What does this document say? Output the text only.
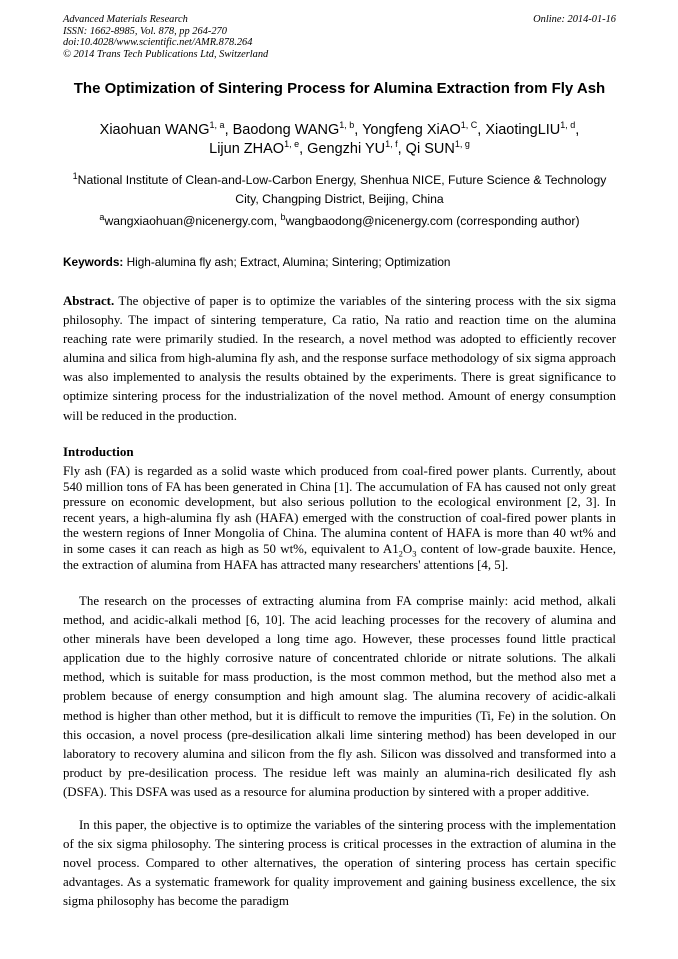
Advanced Materials Research
ISSN: 1662-8985, Vol. 878, pp 264-270
doi:10.4028/www.scientific.net/AMR.878.264
© 2014 Trans Tech Publications Ltd, Switzerland
Online: 2014-01-16
The Optimization of Sintering Process for Alumina Extraction from Fly Ash
Xiaohuan WANG$^{1, a}$, Baodong WANG$^{1, b}$, Yongfeng XiAO$^{1, C}$, XiaotingLIU$^{1, d}$,
Lijun ZHAO$^{1, e}$, Gengzhi YU$^{1, f}$, Qi SUN$^{1, g}$
$^1$National Institute of Clean-and-Low-Carbon Energy, Shenhua NICE, Future Science & Technology City, Changping District, Beijing, China
$^a$wangxiaohuan@nicenergy.com, $^b$wangbaodong@nicenergy.com (corresponding author)
Keywords: High-alumina fly ash; Extract, Alumina; Sintering; Optimization
Abstract. The objective of paper is to optimize the variables of the sintering process with the six sigma philosophy. The impact of sintering temperature, Ca ratio, Na ratio and reaction time on the alumina reaching rate were primarily studied. In the research, a novel method was adopted to efficiently recover alumina and silica from high-alumina fly ash, and the response surface methodology of six sigma approach was also implemented to analysis the results obtained by the experiments. There is great significance to optimize sintering process for the industrialization of the novel method. Amount of energy consumption will be reduced in the production.
Introduction
Fly ash (FA) is regarded as a solid waste which produced from coal-fired power plants. Currently, about 540 million tons of FA has been generated in China [1]. The accumulation of FA has caused not only great pressure on economic development, but also serious pollution to the ecological environment [2, 3]. In recent years, a high-alumina fly ash (HAFA) emerged with the construction of coal-fired power plants in the western regions of Inner Mongolia of China. The alumina content of HAFA is more than 40 wt% and in some cases it can reach as high as 50 wt%, equivalent to $A1_2O_3$ content of low-grade bauxite. Hence, the extraction of alumina from HAFA has attracted many researchers' attentions [4, 5].
The research on the processes of extracting alumina from FA comprise mainly: acid method, alkali method, and acidic-alkali method [6, 10]. The acid leaching processes for the recovery of alumina and other minerals have been developed a long time ago. However, these processes found little practical application due to the highly corrosive nature of concentrated chloride or nitrate solutions. The alkali method, which is suitable for mass production, is the most common method, but the method also met a problem because of energy consumption and high amount slag. The alumina recovery of acidic-alkali method is higher than other method, but it is difficult to remove the impurities (Ti, Fe) in the solution. On this occasion, a novel process (pre-desilication alkali lime sintering method) has been developed in our laboratory to recovery alumina and silicon from the fly ash. Silicon was dissolved and transformed into a product by pre-desilication process. The residue left was mainly an alumina-rich desilicated fly ash (DSFA). This DSFA was used as a resource for alumina production by sintered with a proper additive.
In this paper, the objective is to optimize the variables of the sintering process with the implementation of the six sigma philosophy. The sintering process is critical processes in the extraction of alumina in the novel process. Compared to other alternatives, the operation of sintering process has certain specific advantages. As a systematic framework for quality improvement and gaining business excellence, the six sigma philosophy has become the paradigm
